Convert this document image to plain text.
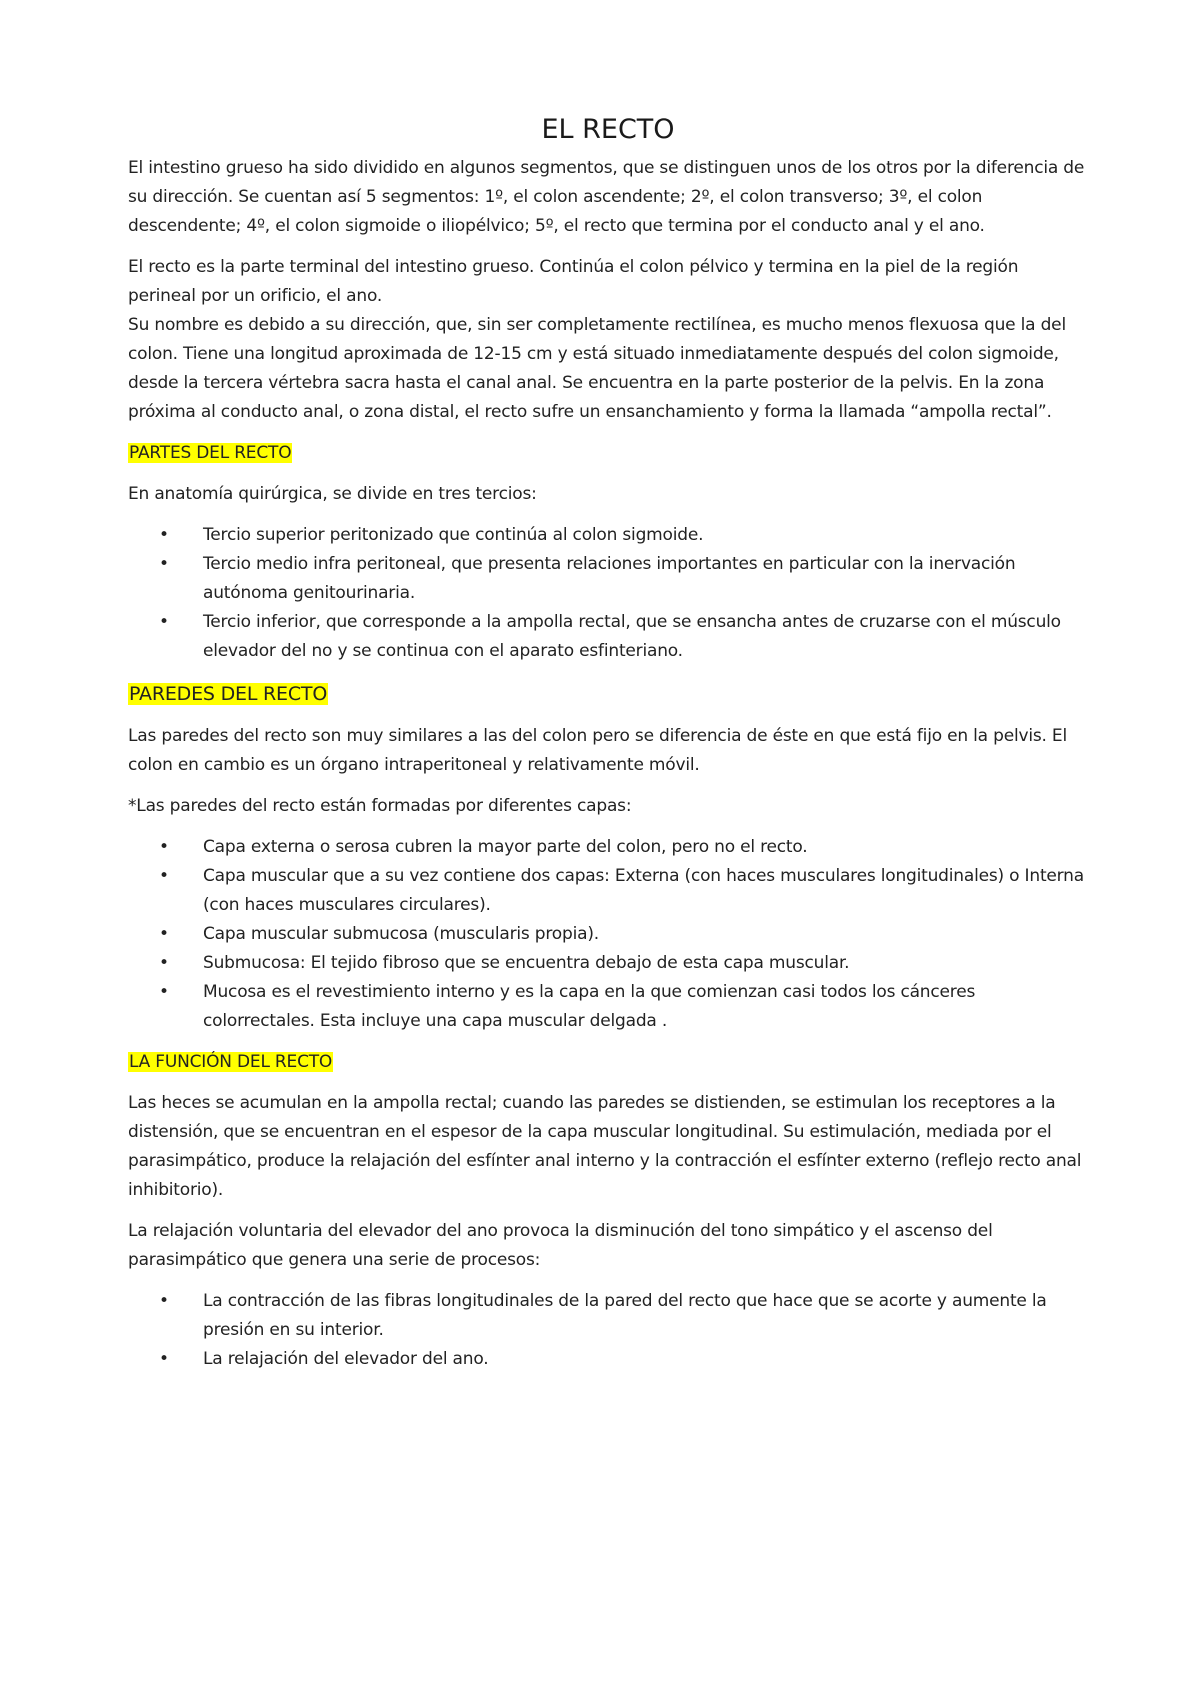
EL RECTO

El intestino grueso ha sido dividido en algunos segmentos, que se distinguen unos de los otros por la diferencia de su dirección. Se cuentan así 5 segmentos: 1º, el colon ascendente; 2º, el colon transverso; 3º, el colon descendente; 4º, el colon sigmoide o iliopélvico; 5º, el recto que termina por el conducto anal y el ano.

El recto es la parte terminal del intestino grueso. Continúa el colon pélvico y termina en la piel de la región perineal por un orificio, el ano.

Su nombre es debido a su dirección, que, sin ser completamente rectilínea, es mucho menos flexuosa que la del colon. Tiene una longitud aproximada de 12-15 cm y está situado inmediatamente después del colon sigmoide, desde la tercera vértebra sacra hasta el canal anal. Se encuentra en la parte posterior de la pelvis. En la zona próxima al conducto anal, o zona distal, el recto sufre un ensanchamiento y forma la llamada “ampolla rectal”.

PARTES DEL RECTO

En anatomía quirúrgica, se divide en tres tercios:

• Tercio superior peritonizado que continúa al colon sigmoide.
• Tercio medio infra peritoneal, que presenta relaciones importantes en particular con la inervación autónoma genitourinaria.
• Tercio inferior, que corresponde a la ampolla rectal, que se ensancha antes de cruzarse con el músculo elevador del no y se continua con el aparato esfinteriano.
PAREDES DEL RECTO

Las paredes del recto son muy similares a las del colon pero se diferencia de éste en que está fijo en la pelvis. El colon en cambio es un órgano intraperitoneal y relativamente móvil.

*Las paredes del recto están formadas por diferentes capas:

• Capa externa o serosa cubren la mayor parte del colon, pero no el recto.
• Capa muscular que a su vez contiene dos capas: Externa (con haces musculares longitudinales) o Interna (con haces musculares circulares).
• Capa muscular submucosa (muscularis propia).
• Submucosa: El tejido fibroso que se encuentra debajo de esta capa muscular.
• Mucosa es el revestimiento interno y es la capa en la que comienzan casi todos los cánceres colorrectales. Esta incluye una capa muscular delgada .
LA FUNCIÓN DEL RECTO

Las heces se acumulan en la ampolla rectal; cuando las paredes se distienden, se estimulan los receptores a la distensión, que se encuentran en el espesor de la capa muscular longitudinal. Su estimulación, mediada por el parasimpático, produce la relajación del esfínter anal interno y la contracción el esfínter externo (reflejo recto anal inhibitorio).

La relajación voluntaria del elevador del ano provoca la disminución del tono simpático y el ascenso del parasimpático que genera una serie de procesos:

• La contracción de las fibras longitudinales de la pared del recto que hace que se acorte y aumente la presión en su interior.
• La relajación del elevador del ano.
